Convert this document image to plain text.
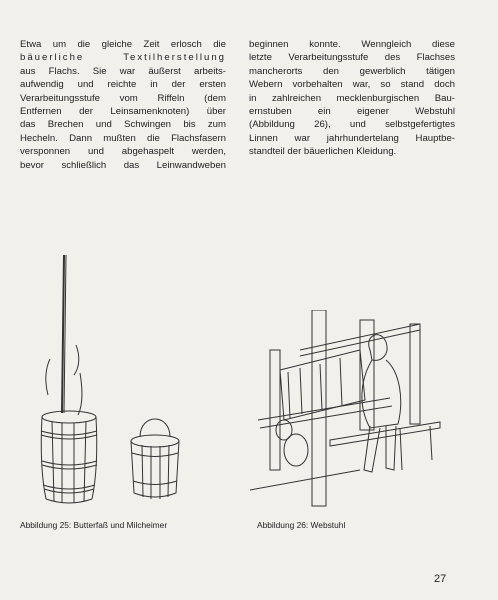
Etwa um die gleiche Zeit erlosch die
bäuerliche Textilherstellung
aus Flachs. Sie war äußerst arbeits-
aufwendig und reichte in der ersten
Verarbeitungsstufe vom Riffeln (dem
Entfernen der Leinsamenknoten) über
das Brechen und Schwingen bis zum
Hecheln. Dann mußten die Flachsfasern
versponnen und abgehaspelt werden,
bevor schließlich das Leinwandweben
beginnen konnte. Wenngleich diese
letzte Verarbeitungsstufe des Flachses
mancherorts den gewerblich tätigen
Webern vorbehalten war, so stand doch
in zahlreichen mecklenburgischen Bau-
ernstuben ein eigener Webstuhl
(Abbildung 26), und selbstgefertigtes
Linnen war jahrhundertelang Hauptbe-
standteil der bäuerlichen Kleidung.
Abbildung 25: Butterfaß und Milcheimer	Abbildung 26: Webstuhl
27
